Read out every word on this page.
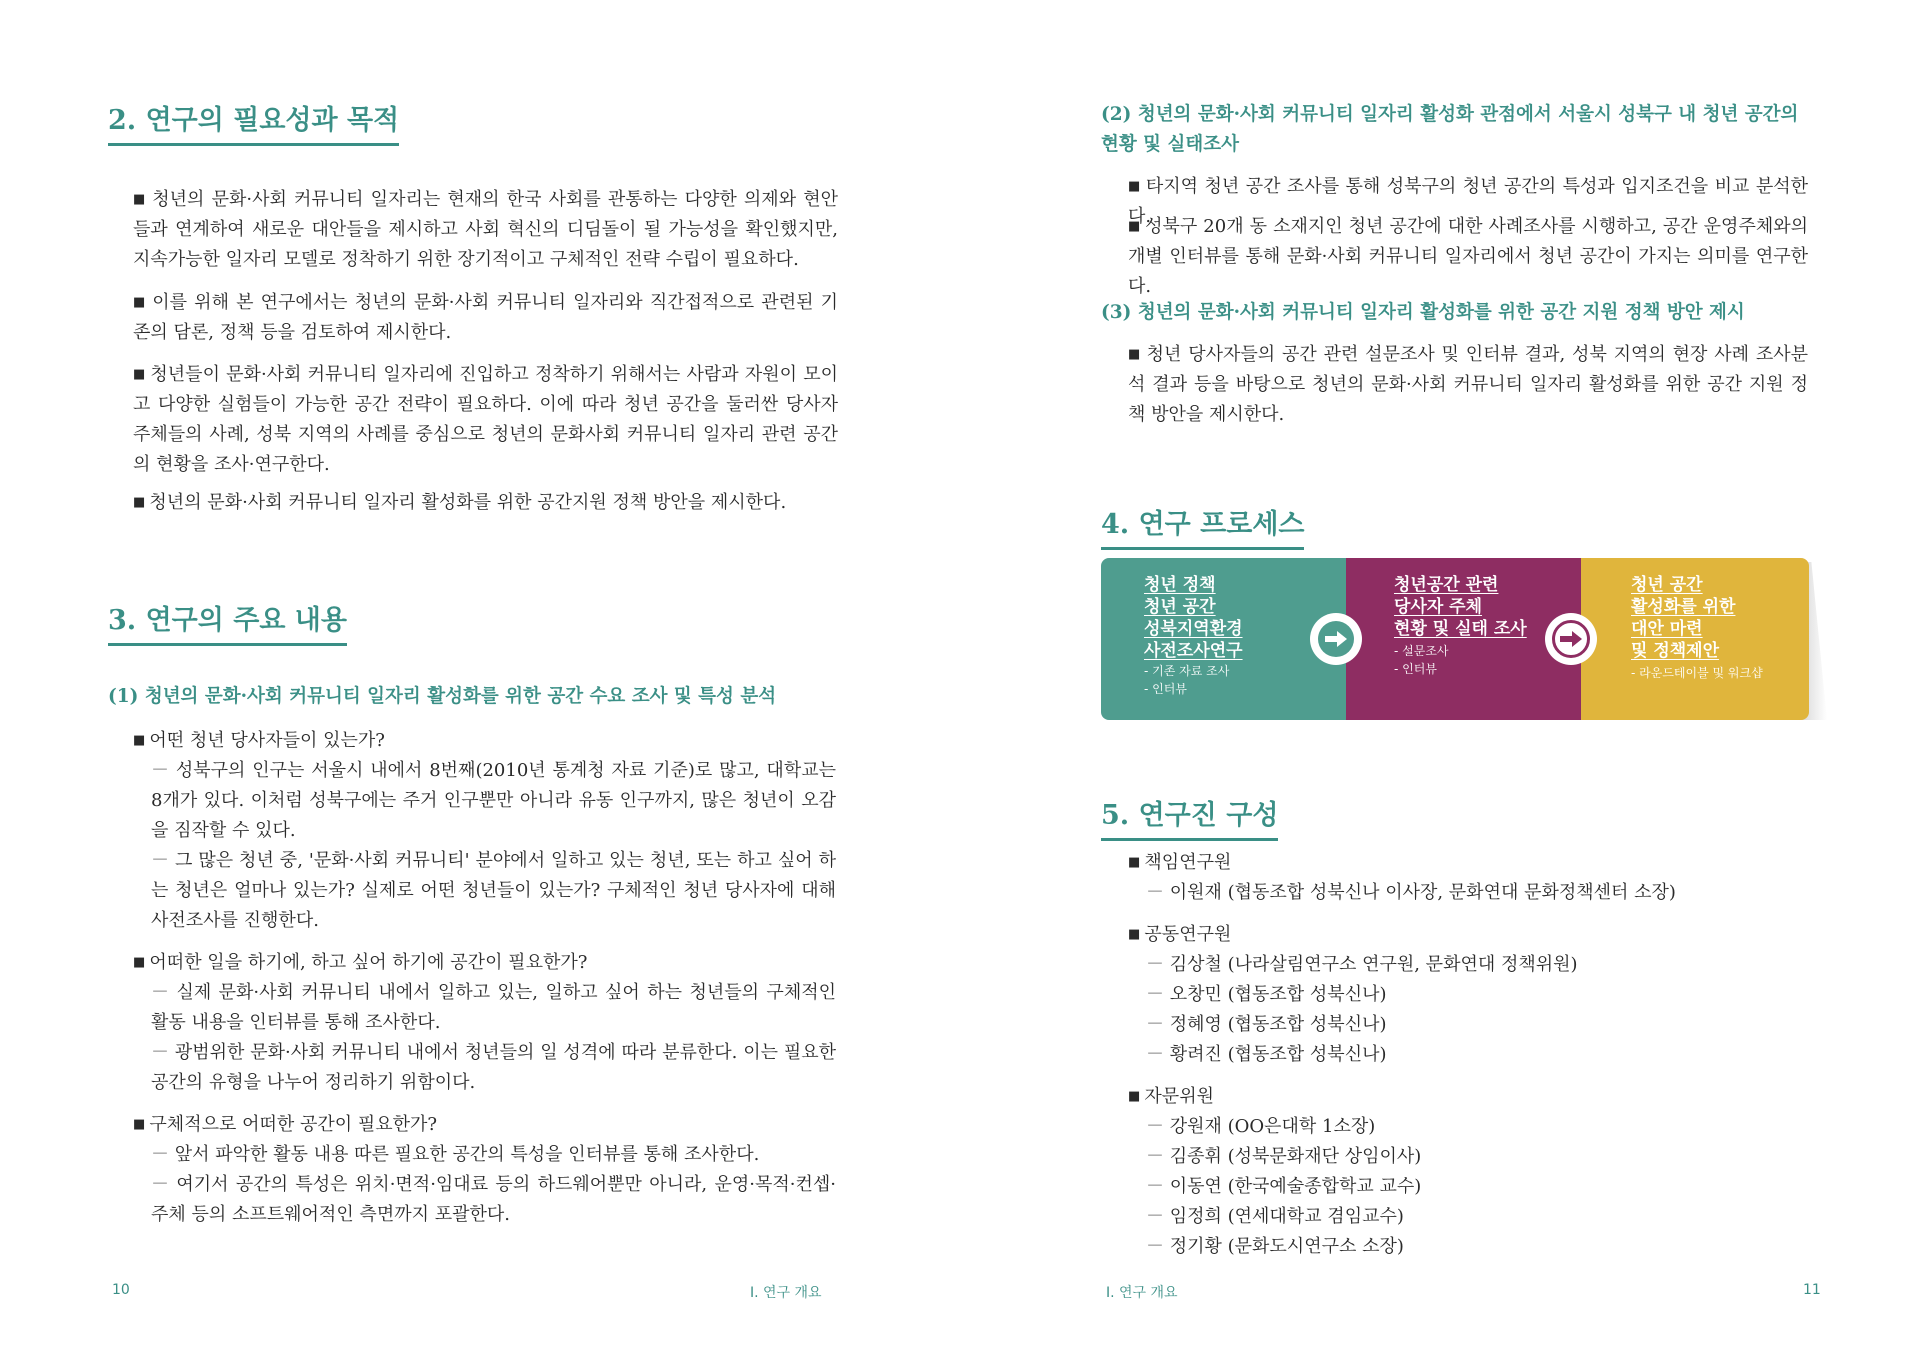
2. 연구의 필요성과 목적
■ 청년의 문화·사회 커뮤니티 일자리는 현재의 한국 사회를 관통하는 다양한 의제와 현안들과 연계하여 새로운 대안들을 제시하고 사회 혁신의 디딤돌이 될 가능성을 확인했지만, 지속가능한 일자리 모델로 정착하기 위한 장기적이고 구체적인 전략 수립이 필요하다.
■ 이를 위해 본 연구에서는 청년의 문화·사회 커뮤니티 일자리와 직간접적으로 관련된 기존의 담론, 정책 등을 검토하여 제시한다.
■ 청년들이 문화·사회 커뮤니티 일자리에 진입하고 정착하기 위해서는 사람과 자원이 모이고 다양한 실험들이 가능한 공간 전략이 필요하다. 이에 따라 청년 공간을 둘러싼 당사자 주체들의 사례, 성북 지역의 사례를 중심으로 청년의 문화사회 커뮤니티 일자리 관련 공간의 현황을 조사·연구한다.
■ 청년의 문화·사회 커뮤니티 일자리 활성화를 위한 공간지원 정책 방안을 제시한다.
3. 연구의 주요 내용
(1) 청년의 문화·사회 커뮤니티 일자리 활성화를 위한 공간 수요 조사 및 특성 분석
■ 어떤 청년 당사자들이 있는가?
－ 성북구의 인구는 서울시 내에서 8번째(2010년 통계청 자료 기준)로 많고, 대학교는 8개가 있다. 이처럼 성북구에는 주거 인구뿐만 아니라 유동 인구까지, 많은 청년이 오감을 짐작할 수 있다.
－ 그 많은 청년 중, '문화·사회 커뮤니티' 분야에서 일하고 있는 청년, 또는 하고 싶어 하는 청년은 얼마나 있는가? 실제로 어떤 청년들이 있는가? 구체적인 청년 당사자에 대해 사전조사를 진행한다.
■ 어떠한 일을 하기에, 하고 싶어 하기에 공간이 필요한가?
－ 실제 문화·사회 커뮤니티 내에서 일하고 있는, 일하고 싶어 하는 청년들의 구체적인 활동 내용을 인터뷰를 통해 조사한다.
－ 광범위한 문화·사회 커뮤니티 내에서 청년들의 일 성격에 따라 분류한다. 이는 필요한 공간의 유형을 나누어 정리하기 위함이다.
■ 구체적으로 어떠한 공간이 필요한가?
－ 앞서 파악한 활동 내용 따른 필요한 공간의 특성을 인터뷰를 통해 조사한다.
－ 여기서 공간의 특성은 위치·면적·임대료 등의 하드웨어뿐만 아니라, 운영·목적·컨셉·주체 등의 소프트웨어적인 측면까지 포괄한다.
10	Ⅰ. 연구 개요
(2) 청년의 문화·사회 커뮤니티 일자리 활성화 관점에서 서울시 성북구 내 청년 공간의 현황 및 실태조사
■ 타지역 청년 공간 조사를 통해 성북구의 청년 공간의 특성과 입지조건을 비교 분석한다.
■ 성북구 20개 동 소재지인 청년 공간에 대한 사례조사를 시행하고, 공간 운영주체와의 개별 인터뷰를 통해 문화·사회 커뮤니티 일자리에서 청년 공간이 가지는 의미를 연구한다.
(3) 청년의 문화·사회 커뮤니티 일자리 활성화를 위한 공간 지원 정책 방안 제시
■ 청년 당사자들의 공간 관련 설문조사 및 인터뷰 결과, 성북 지역의 현장 사례 조사분석 결과 등을 바탕으로 청년의 문화·사회 커뮤니티 일자리 활성화를 위한 공간 지원 정책 방안을 제시한다.
4. 연구 프로세스
청년 공간
활성화를 위한
대안 마련
및 정책제안
- 라운드테이블 및 워크샵
청년공간 관련
당사자 주체
현황 및 실태 조사
- 설문조사
- 인터뷰
청년 정책
청년 공간
성북지역환경
사전조사연구
- 기존 자료 조사
- 인터뷰
5. 연구진 구성
■ 책임연구원
－ 이원재 (협동조합 성북신나 이사장, 문화연대 문화정책센터 소장)
■ 공동연구원
－ 김상철 (나라살림연구소 연구원, 문화연대 정책위원)
－ 오창민 (협동조합 성북신나)
－ 정혜영 (협동조합 성북신나)
－ 황려진 (협동조합 성북신나)
■ 자문위원
－ 강원재 (OO은대학 1소장)
－ 김종휘 (성북문화재단 상임이사)
－ 이동연 (한국예술종합학교 교수)
－ 임정희 (연세대학교 겸임교수)
－ 정기황 (문화도시연구소 소장)
Ⅰ. 연구 개요	11
